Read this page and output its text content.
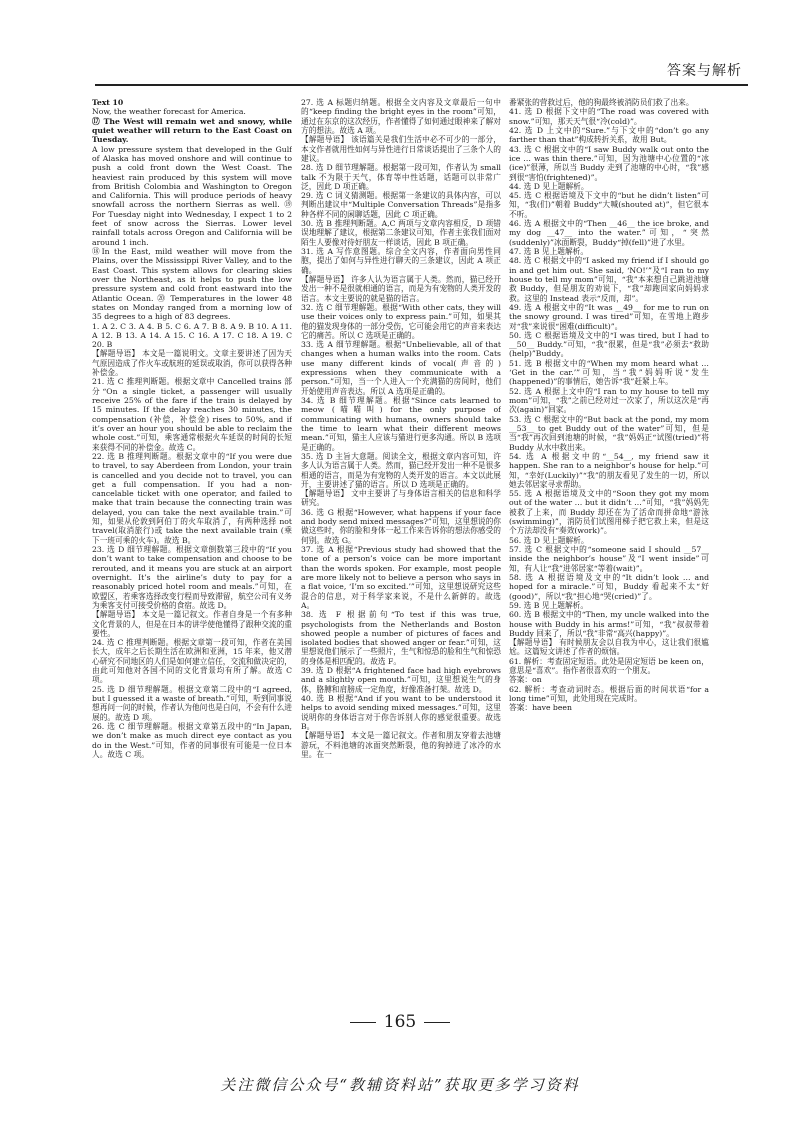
答案与解析

Text 10

Now, the weather forecast for America.

⑰ The West will remain wet and snowy, while quiet weather will return to the East Coast on Tuesday.

A low pressure system that developed in the Gulf of Alaska has moved onshore and will continue to push a cold front down the West Coast. The heaviest rain produced by this system will move from British Colombia and Washington to Oregon and California. This will produce periods of heavy snowfall across the northern Sierras as well. ⑲ For Tuesday night into Wednesday, I expect 1 to 2 feet of snow across the Sierras. Lower level rainfall totals across Oregon and California will be around 1 inch.

⑱In the East, mild weather will move from the Plains, over the Mississippi River Valley, and to the East Coast. This system allows for clearing skies over the Northeast, as it helps to push the low pressure system and cold front eastward into the Atlantic Ocean. ⑳ Temperatures in the lower 48 states on Monday ranged from a morning low of 35 degrees to a high of 83 degrees.

1. A 2. C 3. A 4. B 5. C 6. A 7. B 8. A 9. B 10. A 11. A 12. B 13. A 14. A 15. C 16. A 17. C 18. A 19. C 20. B

【解题导语】 本文是一篇说明文。文章主要讲述了因为天气原因造成了作火车或航班的延误或取消，你可以获得各种补偿金。

21. 选 C 推理判断题。根据文章中 Cancelled trains 部分“On a single ticket, a passenger will usually receive 25% of the fare if the train is delayed by 15 minutes. If the delay reaches 30 minutes, the compensation (补偿，补偿金) rises to 50%, and if it’s over an hour you should be able to reclaim the whole cost.”可知，乘客通常根据火车延误的时间的长短来获得不同的补偿金。故选 C。

22. 选 B 推理判断题。根据文章中的“If you were due to travel, to say Aberdeen from London, your train is cancelled and you decide not to travel, you can get a full compensation. If you had a non-cancelable ticket with one operator, and failed to make that train because the connecting train was delayed, you can take the next available train.”可知，如果从伦敦到阿伯丁的火车取消了，有两种选择 not travel(取消旅行)或 take the next available train (乘下一班可乘的火车)。故选 B。

23. 选 D 细节理解题。根据文章倒数第三段中的“If you don’t want to take compensation and choose to be rerouted, and it means you are stuck at an airport overnight. It’s the airline’s duty to pay for a reasonably priced hotel room and meals.”可知，在欧盟区，若乘客选择改变行程而导致滞留，航空公司有义务为乘客支付可接受价格的食宿。故选 D。

【解题导语】 本文是一篇记叙文。作者自身是一个有多种文化背景的人，但是在日本的讲学使他懂得了跟种交流的重要性。

24. 选 C 推理判断题。根据文章第一段可知，作者在美国长大，成年之后长期生活在欧洲和亚洲，15 年来，他又潜心研究不同地区的人们是如何建立信任，交流和做决定的，由此可知他对各国不同的文化背景均有所了解。故选 C 项。

25. 选 D 细节理解题。根据文章第二段中的“I agreed, but I guessed it a waste of breath.”可知，听到同事说想再问一问的时候，作者认为他问也是白问，不会有什么进展的。故选 D 项。

26. 选 C 细节理解题。根据文章第五段中的“In Japan, we don’t make as much direct eye contact as you do in the West.”可知，作者的同事很有可能是一位日本人。故选 C 项。

27. 选 A 标题归纳题。根据全文内容及文章最后一句中的“keep finding the bright eyes in the room”可知，通过在东京的这次经历，作者懂得了如何通过眼神来了解对方的想法。故选 A 项。

【解题导语】 该语篇关是我们生活中必不可少的一部分，本文作者就用性如何与异性进行日常谈话提出了三条个人的建议。

28. 选 D 细节理解题。根据第一段可知，作者认为 small talk 不为限于天气，体育等中性话题，话题可以非常广泛，因此 D 项正确。

29. 选 C 词义猜测题。根据第一条建议的具体内容，可以判断出建议中“Multiple Conversation Threads”是指多种各样不同的闲聊话题，因此 C 项正确。

30. 选 B 推理判断题。A,C 两项与文章内容相反，D 项错误地理解了建议，根据第二条建议可知，作者主张我们面对陌生人要像对待好朋友一样谈话，因此 B 项正确。

31. 选 A 写作意图题。综合全文内容，作者面向男性同胞，提出了如何与异性进行聊天的三条建议，因此 A 项正确。

【解题导语】 许多人认为语言属于人类。然而，猫已经开发出一种不是很就相通的语言，而是为有宠物的人类开发的语言。本文主要说的就是猫的语言。

32. 选 C 细节理解题。根据“With other cats, they will use their voices only to express pain.”可知，如果其他的猫发现身体的一部分受伤，它可能会用它的声音来表达它的痛苦。所以 C 选项是正确的。

33. 选 A 细节理解题。根据“Unbelievable, all of that changes when a human walks into the room. Cats use many different kinds of vocal(声音的) expressions when they communicate with a person.”可知，当一个人进入一个充满猫的房间时，他们开始使用声音表达。所以 A 选项是正确的。

34. 选 B 细节理解题。根据“Since cats learned to meow (喵喵叫) for the only purpose of communicating with humans, owners should take the time to learn what their different meows mean.”可知，猫主人应该与猫进行更多沟通。所以 B 选项是正确的。

35. 选 D 主旨大意题。阅读全文，根据文章内容可知，许多人认为语言属于人类。然而，猫已经开发出一种不是很多相通的语言，而是为有宠物的人类开发的语言。本文以此展开，主要讲述了猫的语言。所以 D 选项是正确的。

【解题导语】 文中主要讲了与身体语言相关的信息和科学研究。

36. 选 G 根据“However, what happens if your face and body send mixed messages?”可知，这里想说的你做这些时，你的脸和身体一起工作来告诉你的想法你感受的何别。故选 G。

37. 选 A 根据“Previous study had showed that the tone of a person’s voice can be more important than the words spoken. For example, most people are more likely not to believe a person who says in a flat voice, ‘I’m so excited.’”可知，这里想说研究这些混合的信息，对于科学家来说，不是什么新鲜的。故选 A。

38. 选 F 根据前句“To test if this was true, psychologists from the Netherlands and Boston showed people a number of pictures of faces and isolated bodies that showed anger or fear.”可知，这里想说他们展示了一些照片，生气和惊恐的脸和生气和惊恐的身体是相匹配的。故选 F。

39. 选 D 根据“A frightened face had high eyebrows and a slightly open mouth.”可知，这里想说生气的身体，胳膊和肩膀成一定角度，好像准备打架。故选 D。

40. 选 B 根据“And if you want to be understood it helps to avoid sending mixed messages.”可知，这里说明你的身体语言对于你告诉别人你的感觉很重要。故选 B。

【解题导语】 本文是一篇记叙文。作者和朋友穿着去池塘游玩，不料池塘的冰面突然断裂，他的狗掉进了冰冷的水里。在一

番紧张的营救过后，他的狗最终被消防员们救了出来。

41. 选 D 根据下文中的“The road was covered with snow.”可知，那天天气很“冷(cold)”。

42. 选 D 上文中的“Sure.”与下文中的“don’t go any farther than that”构成转折关系，故用 But。

43. 选 C 根据文中的“I saw Buddy walk out onto the ice … was thin there.”可知，因为池塘中心位置的“冰(ice)”很薄，所以当 Buddy 走到了池塘的中心时，“我”感到很“害怕(frightened)”。

44. 选 D 见上题解析。

45. 选 C 根据语境及下文中的“but he didn’t listen”可知，“我(们)”朝着 Buddy“大喊(shouted at)”，但它很本不听。

46. 选 A 根据文中的“Then __46__ the ice broke, and my dog __47__ into the water.”可知，“突然(suddenly)”冰面断裂，Buddy“掉(fell)”进了水里。

47. 选 B 见上题解析。

48. 选 C 根据文中的“I asked my friend if I should go in and get him out. She said, ‘NO!’”及“I ran to my house to tell my mom”可知，“我”本来想自己跳进池塘救 Buddy，但是朋友的劝说下，“我”却跑回家向妈妈求救。这里的 Instead 表示“反而，却”。

49. 选 A 根据文中的“It was __49__ for me to run on the snowy ground. I was tired”可知，在雪地上跑步对“我”来说很“困难(difficult)”。

50. 选 C 根据语境及文中的“I was tired, but I had to __50__ Buddy.”可知，“我”很累，但是“我”必须去“救助(help)”Buddy。

51. 选 B 根据文中的“When my mom heard what … ‘Get in the car.’”可知，当“我”妈妈听说“发生(happened)”的事情后，她告诉“我”赶紧上车。

52. 选 A 根据上文中的“I ran to my house to tell my mom”可知，“我”之前已经对过一次家了，所以这次是“再次(again)”回家。

53. 选 C 根据文中的“But back at the pond, my mom __53__ to get Buddy out of the water”可知，但是当“我”再次回到池塘的时候，“我”妈妈正“试图(tried)”将 Buddy 从水中救出来。

54. 选 A 根据文中的“__54__, my friend saw it happen. She ran to a neighbor’s house for help.”可知，“幸好(Luckily)”“我”的朋友看见了发生的一切，所以她去邻居家寻求帮助。

55. 选 A 根据语境及文中的“Soon they got my mom out of the water … but it didn’t …”可知，“我”妈妈先被救了上来，而 Buddy 却还在为了活命而拼命地“游泳(swimming)”，消防员们试图用梯子把它救上来，但是这个方法却没有“奏效(work)”。

56. 选 D 见上题解析。

57. 选 C 根据文中的“someone said I should __57__ inside the neighbor’s house”及“I went inside”可知，有人让“我”进邻居家“等着(wait)”。

58. 选 A 根据语境及文中的“It didn’t look … and hoped for a miracle.”可知，Buddy 看起来不太“好(good)”，所以“我”担心地“哭(cried)”了。

59. 选 B 见上题解析。

60. 选 B 根据文中的“Then, my uncle walked into the house with Buddy in his arms!”可知，“我”叔叔带着 Buddy 回来了，所以“我”非常“高兴(happy)”。

【解题导语】 有时候朋友会以自我为中心，这让我们很尴尬。这篇短文讲述了作者的烦恼。

61. 解析：考查固定短语。此处是固定短语 be keen on，意思是“喜欢”。指作者很喜欢的一个朋友。

答案：on

62. 解析：考查动词时态。根据后面的时间状语“for a long time”可知，此处用现在完成时。

答案：have been

165
关注微信公众号“教辅资料站”获取更多学习资料
